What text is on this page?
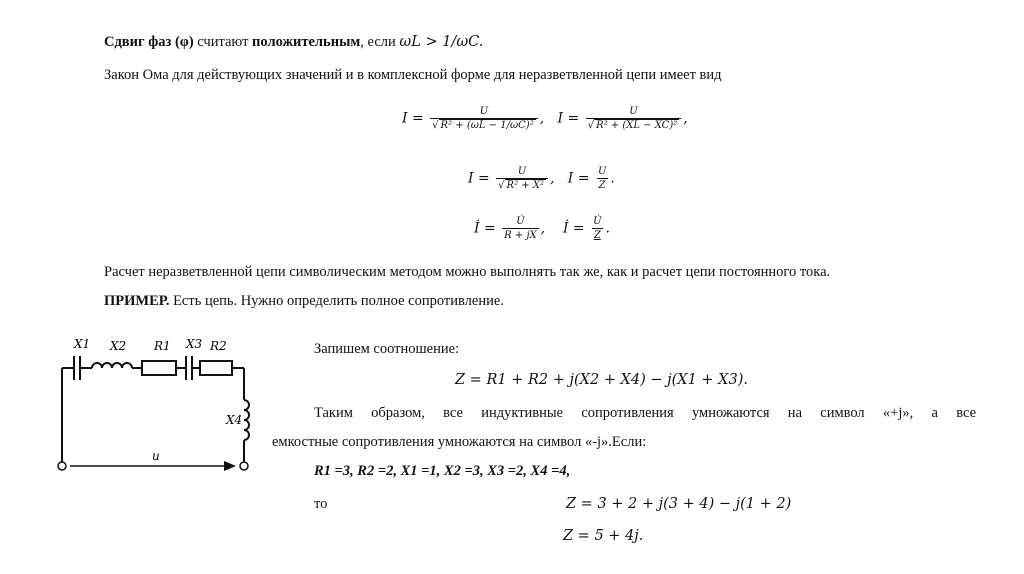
Сдвиг фаз (φ) считают положительным, если ωL > 1/ωC.
Закон Ома для действующих значений и в комплексной форме для неразветвленной цепи имеет вид
$I = \frac{U}{\text{√ R² + (ωL − 1/ωC)²}}$ ,   $I = \frac{U}{\text{√ R² + (XL − XC)²}}$ ,
$I = \frac{U}{\text{√ R² + X²}}$ ,   $I = \frac{U}{Z}$ .
İ = $\frac{U̇}{R + jX}$ ,    İ = $\frac{U̇}{Z}$ .
Расчет неразветвленной цепи символическим методом можно выполнять так же, как и расчет цепи постоянного тока.
ПРИМЕР. Есть цепь. Нужно определить полное сопротивление.
X1 X2 R1 X3 R2
X4
u
Запишем соотношение:
Z = R1 + R2 + j(X2 + X4) − j(X1 + X3).
Таким образом, все индуктивные сопротивления умножаются на символ «+j», а все
емкостные сопротивления умножаются на символ «-j».Если:
R1 =3, R2 =2, X1 =1, X2 =3, X3 =2, X4 =4,
то	Z = 3 + 2 + j(3 + 4) − j(1 + 2)
Z = 5 + 4j.
